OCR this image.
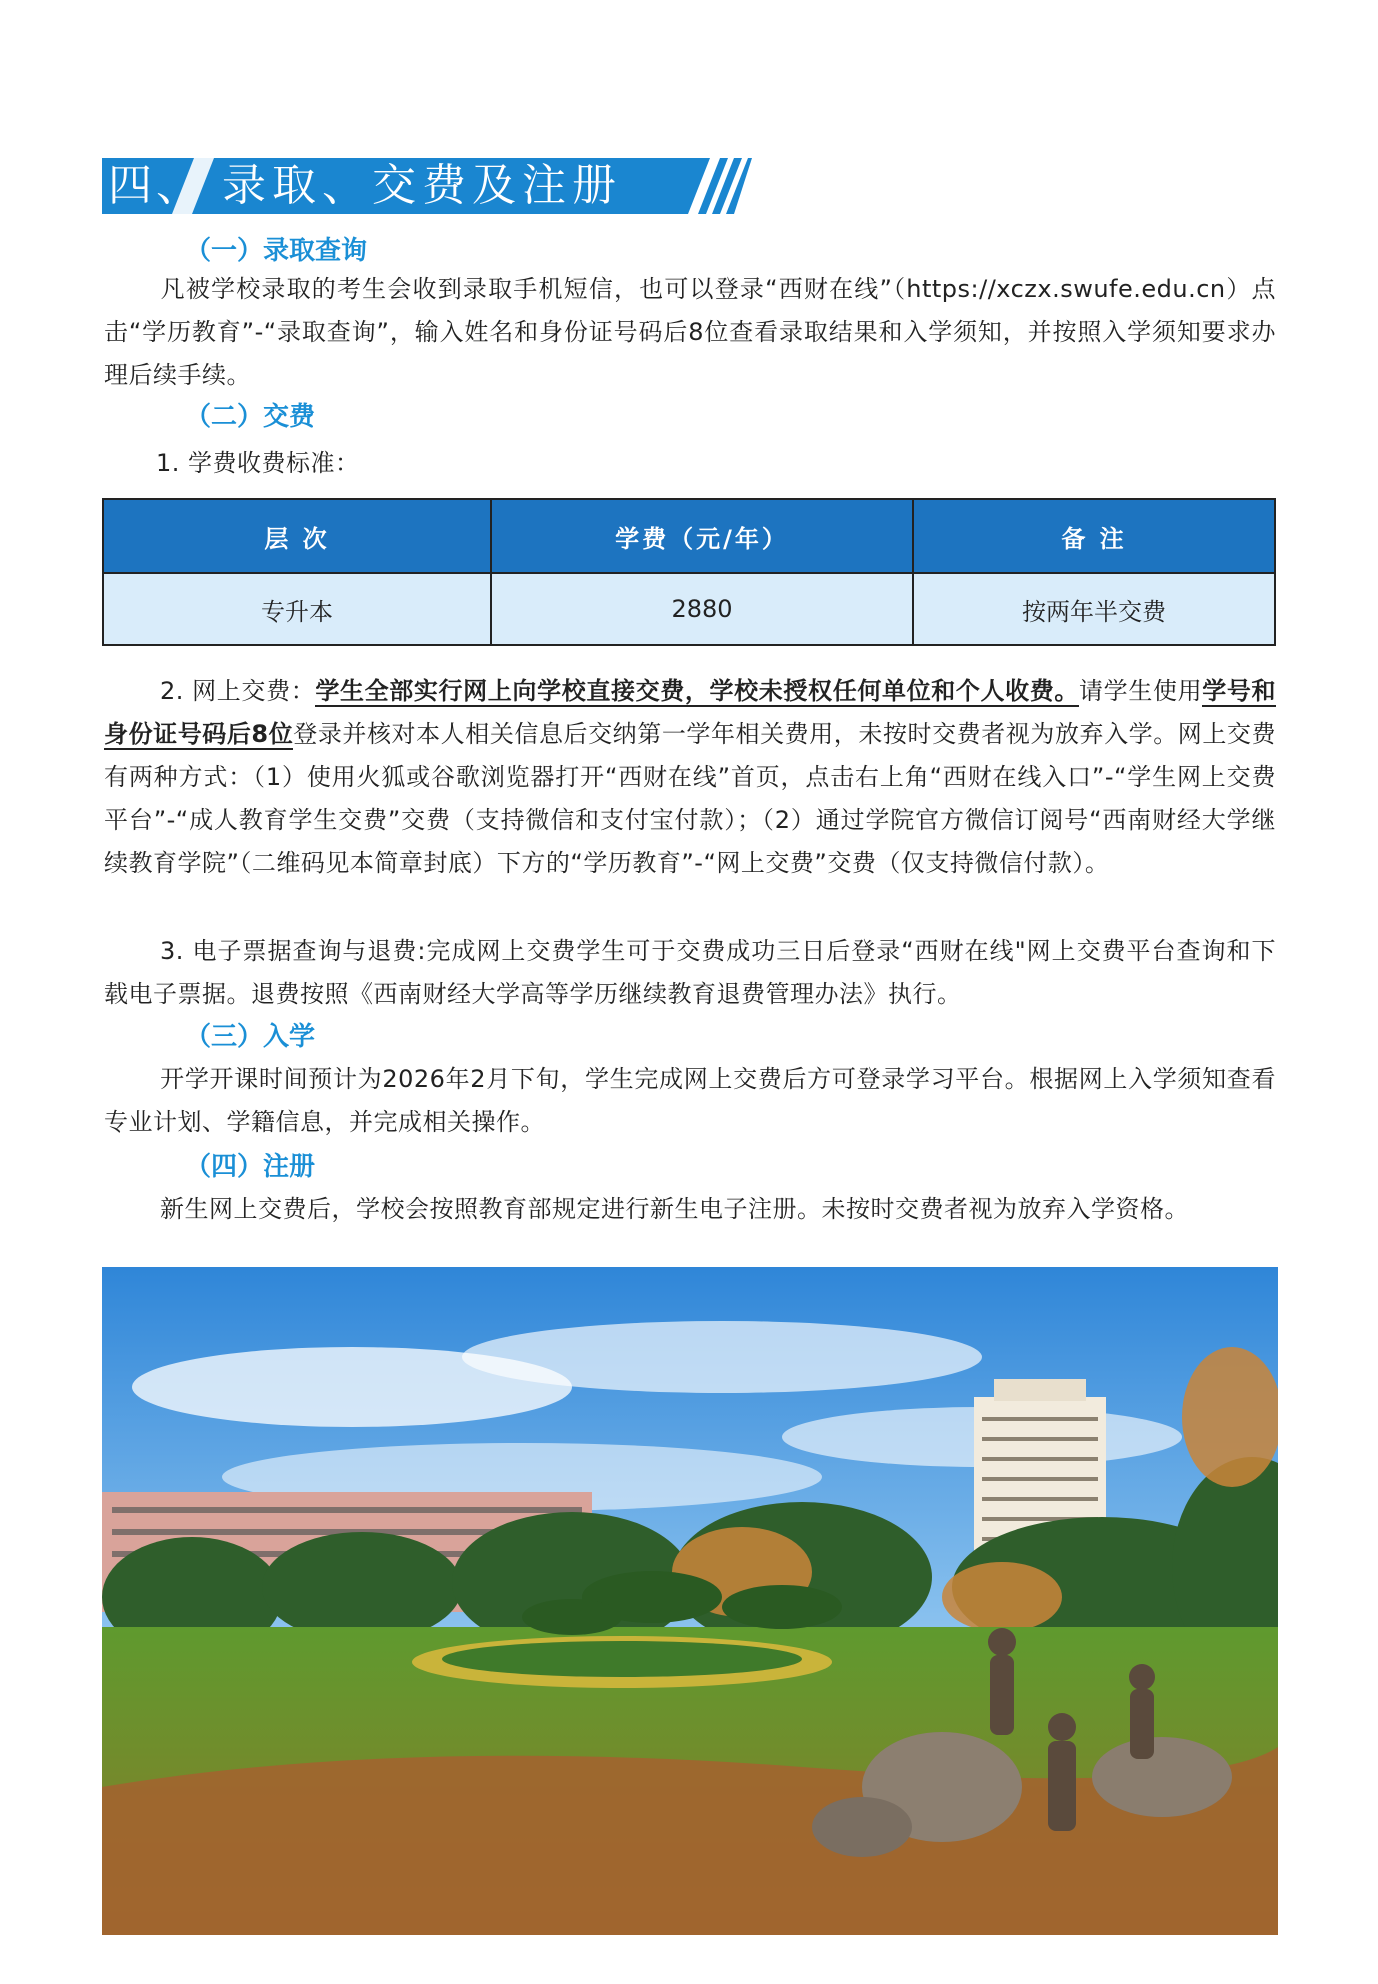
四、 录取、交费及注册
（一）录取查询
凡被学校录取的考生会收到录取手机短信，也可以登录“西财在线”（https://xczx.swufe.edu.cn）点击“学历教育”-“录取查询”，输入姓名和身份证号码后8位查看录取结果和入学须知，并按照入学须知要求办理后续手续。
（二）交费
1. 学费收费标准：
层 次	学费（元/年）	备 注
专升本	2880	按两年半交费
2. 网上交费：学生全部实行网上向学校直接交费，学校未授权任何单位和个人收费。请学生使用学号和身份证号码后8位登录并核对本人相关信息后交纳第一学年相关费用，未按时交费者视为放弃入学。网上交费有两种方式：（1）使用火狐或谷歌浏览器打开“西财在线”首页，点击右上角“西财在线入口”-“学生网上交费平台”-“成人教育学生交费”交费（支持微信和支付宝付款）；（2）通过学院官方微信订阅号“西南财经大学继续教育学院”（二维码见本简章封底）下方的“学历教育”-“网上交费”交费（仅支持微信付款）。
3. 电子票据查询与退费:完成网上交费学生可于交费成功三日后登录“西财在线"网上交费平台查询和下载电子票据。退费按照《西南财经大学高等学历继续教育退费管理办法》执行。
（三）入学
开学开课时间预计为2026年2月下旬，学生完成网上交费后方可登录学习平台。根据网上入学须知查看专业计划、学籍信息，并完成相关操作。
（四）注册
新生网上交费后，学校会按照教育部规定进行新生电子注册。未按时交费者视为放弃入学资格。
